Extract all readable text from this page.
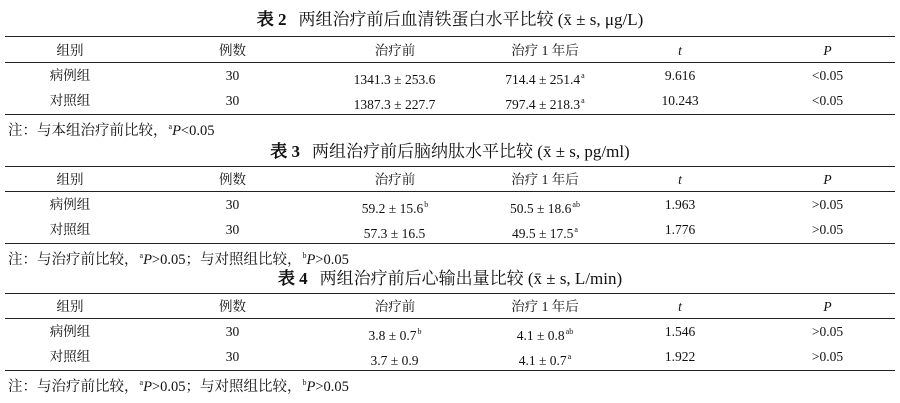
表 2 两组治疗前后血清铁蛋白水平比较 (x̄ ± s, μg/L)
组别	例数	治疗前	治疗 1 年后	t	P
病例组	30	1341.3 ± 253.6	714.4 ± 251.4$^a$	9.616	<0.05
对照组	30	1387.3 ± 227.7	797.4 ± 218.3$^a$	10.243	<0.05
注：与本组治疗前比较，$^a$P<0.05
表 3 两组治疗前后脑纳肽水平比较 (x̄ ± s, pg/ml)
组别	例数	治疗前	治疗 1 年后	t	P
病例组	30	59.2 ± 15.6$^b$	50.5 ± 18.6$^{ab}$	1.963	>0.05
对照组	30	57.3 ± 16.5	49.5 ± 17.5$^a$	1.776	>0.05
注：与治疗前比较，$^a$P>0.05；与对照组比较，$^b$P>0.05
表 4 两组治疗前后心输出量比较 (x̄ ± s, L/min)
组别	例数	治疗前	治疗 1 年后	t	P
病例组	30	3.8 ± 0.7$^b$	4.1 ± 0.8$^{ab}$	1.546	>0.05
对照组	30	3.7 ± 0.9	4.1 ± 0.7$^a$	1.922	>0.05
注：与治疗前比较，$^a$P>0.05；与对照组比较，$^b$P>0.05
